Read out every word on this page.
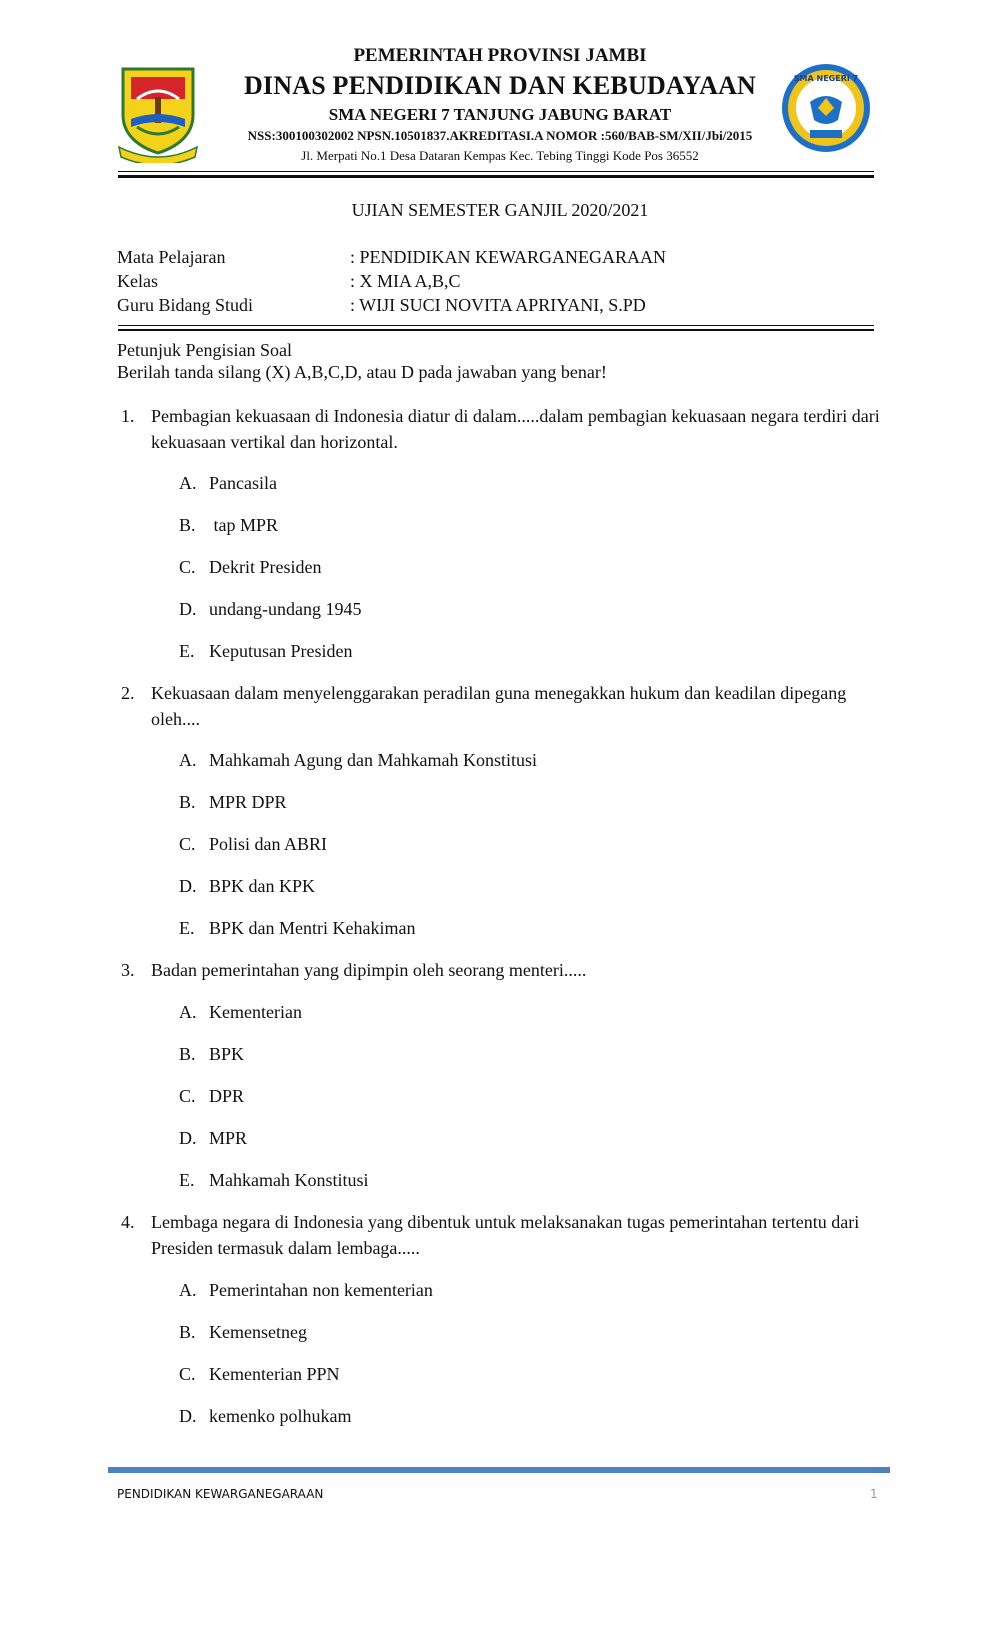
SMA NEGERI 7
PEMERINTAH PROVINSI JAMBI
DINAS PENDIDIKAN DAN KEBUDAYAAN
SMA NEGERI 7 TANJUNG JABUNG BARAT
NSS:300100302002 NPSN.10501837.AKREDITASI.A NOMOR :560/BAB-SM/XII/Jbi/2015
Jl. Merpati No.1 Desa Dataran Kempas Kec. Tebing Tinggi Kode Pos 36552
UJIAN SEMESTER GANJIL 2020/2021
Mata Pelajaran	: PENDIDIKAN KEWARGANEGARAAN
Kelas	: X MIA A,B,C
Guru Bidang Studi	: WIJI SUCI NOVITA APRIYANI, S.PD
Petunjuk Pengisian Soal
Berilah tanda silang (X) A,B,C,D, atau D pada jawaban yang benar!
1. Pembagian kekuasaan di Indonesia diatur di dalam.....dalam pembagian kekuasaan negara terdiri dari kekuasaan vertikal dan horizontal.
A. Pancasila
B. tap MPR
C. Dekrit Presiden
D. undang-undang 1945
E. Keputusan Presiden
2. Kekuasaan dalam menyelenggarakan peradilan guna menegakkan hukum dan keadilan dipegang oleh....
A. Mahkamah Agung dan Mahkamah Konstitusi
B. MPR DPR
C. Polisi dan ABRI
D. BPK dan KPK
E. BPK dan Mentri Kehakiman
3. Badan pemerintahan yang dipimpin oleh seorang menteri.....
A. Kementerian
B. BPK
C. DPR
D. MPR
E. Mahkamah Konstitusi
4. Lembaga negara di Indonesia yang dibentuk untuk melaksanakan tugas pemerintahan tertentu dari Presiden termasuk dalam lembaga.....
A. Pemerintahan non kementerian
B. Kemensetneg
C. Kementerian PPN
D. kemenko polhukam
PENDIDIKAN KEWARGANEGARAAN	1
